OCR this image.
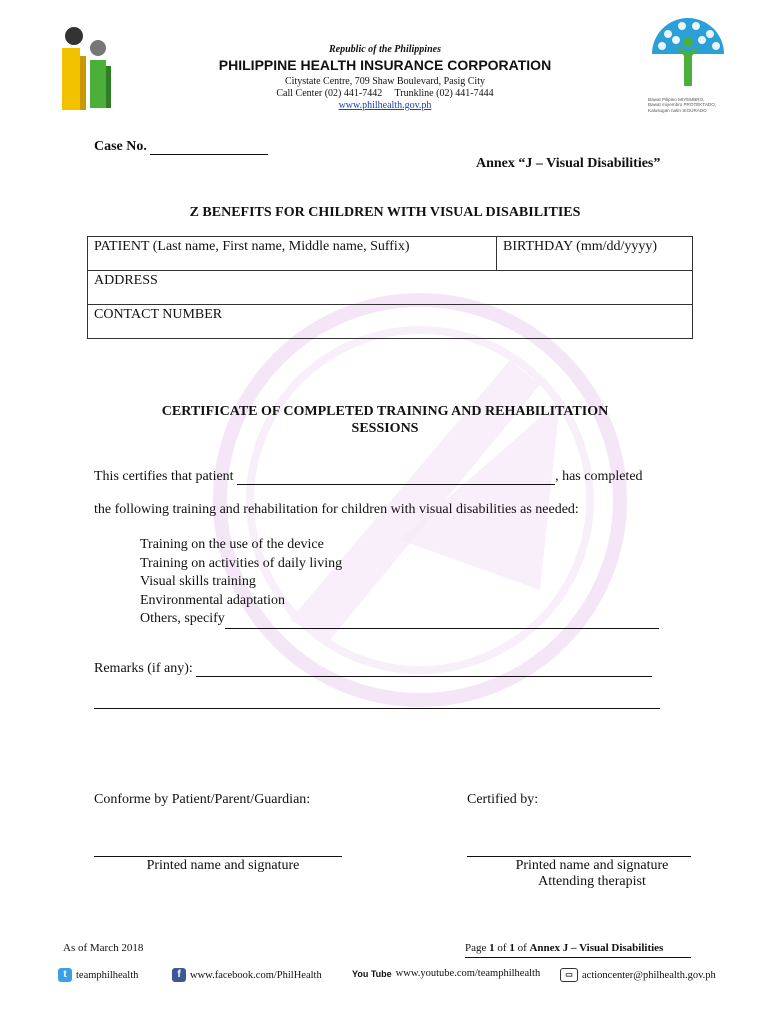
Bawat Pilipino MIYEMBRO,
Bawat miyembro PROTEKTADO,
Kalusugan natin SIGURADO
Republic of the Philippines
PHILIPPINE HEALTH INSURANCE CORPORATION
Citystate Centre, 709 Shaw Boulevard, Pasig City
Call Center (02) 441-7442 Trunkline (02) 441-7444
www.philhealth.gov.ph
Case No.
Annex “J – Visual Disabilities”
Z BENEFITS FOR CHILDREN WITH VISUAL DISABILITIES
PATIENT (Last name, First name, Middle name, Suffix)	BIRTHDAY (mm/dd/yyyy)
ADDRESS
CONTACT NUMBER
CERTIFICATE OF COMPLETED TRAINING AND REHABILITATION
SESSIONS
This certifies that patient	, has completed
the following training and rehabilitation for children with visual disabilities as needed:
Training on the use of the device
Training on activities of daily living
Visual skills training
Environmental adaptation
Others, specify
Remarks (if any):
Conforme by Patient/Parent/Guardian:	Certified by:
Printed name and signature	Printed name and signature
Attending therapist
As of March 2018	Page 1 of 1 of Annex J – Visual Disabilities
t teamphilhealth	f www.facebook.com/PhilHealth	You Tube www.youtube.com/teamphilhealth	▭ actioncenter@philhealth.gov.ph
